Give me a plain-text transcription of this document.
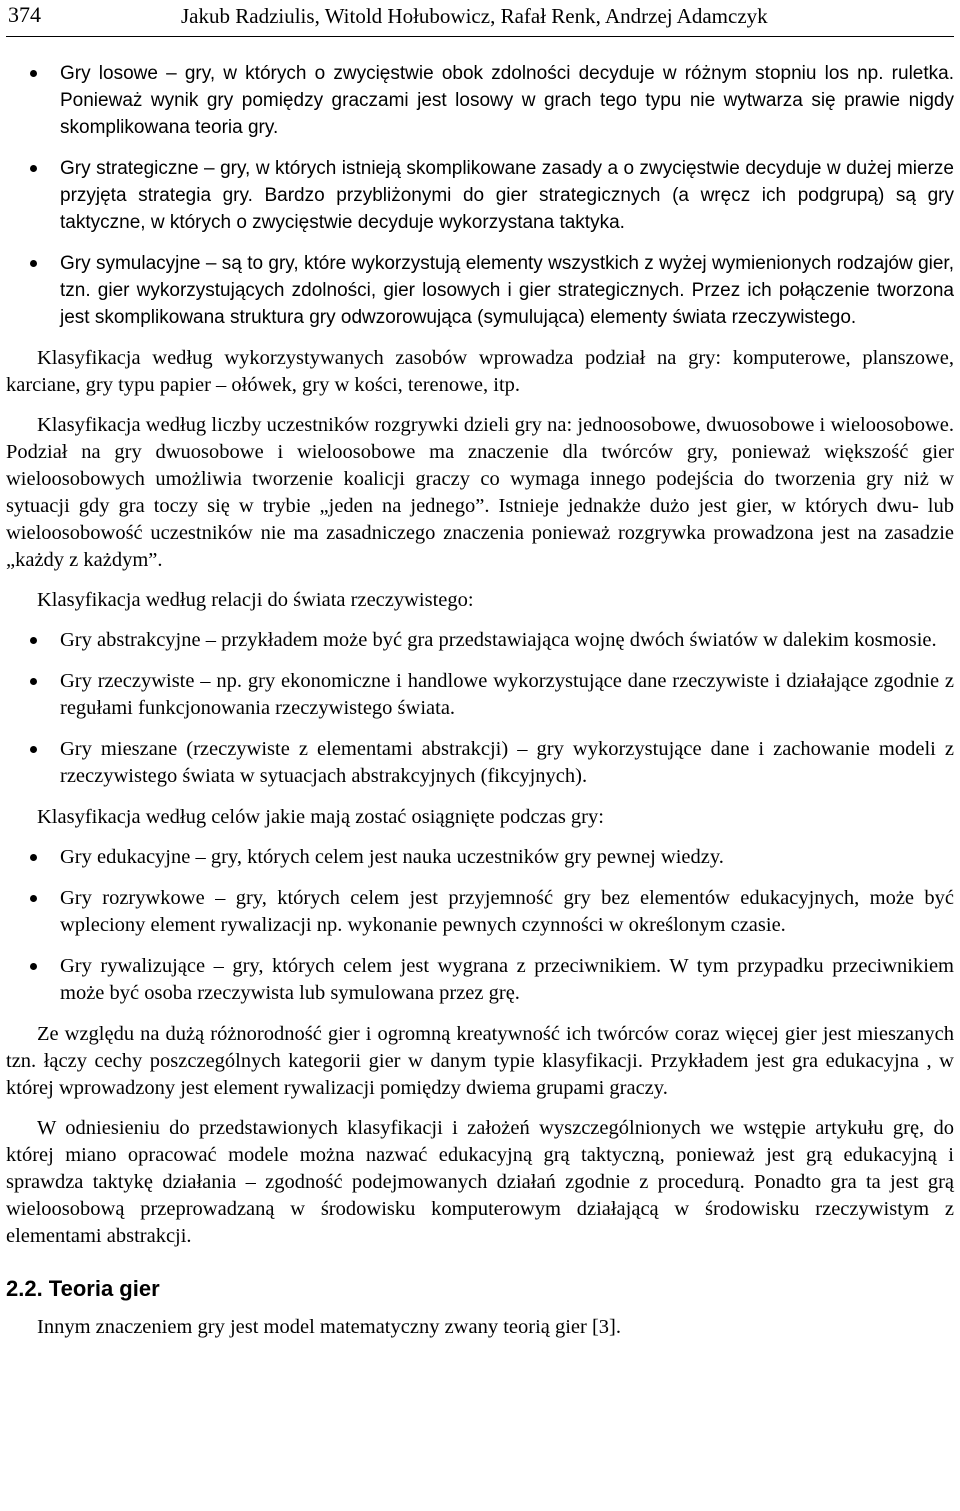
374	Jakub Radziulis, Witold Hołubowicz, Rafał Renk, Andrzej Adamczyk
Gry losowe – gry, w których o zwycięstwie obok zdolności decyduje w różnym stopniu los np. ruletka. Ponieważ wynik gry pomiędzy graczami jest losowy w grach tego typu nie wytwarza się prawie nigdy skomplikowana teoria gry.
Gry strategiczne – gry, w których istnieją skomplikowane zasady a o zwycięstwie decyduje w dużej mierze przyjęta strategia gry. Bardzo przybliżonymi do gier strategicznych (a wręcz ich podgrupą) są gry taktyczne, w których o zwycięstwie decyduje wykorzystana taktyka.
Gry symulacyjne – są to gry, które wykorzystują elementy wszystkich z wyżej wymienionych rodzajów gier, tzn. gier wykorzystujących zdolności, gier losowych i gier strategicznych. Przez ich połączenie tworzona jest skomplikowana struktura gry odwzorowująca (symulująca) elementy świata rzeczywistego.

Klasyfikacja według wykorzystywanych zasobów wprowadza podział na gry: komputerowe, planszowe, karciane, gry typu papier – ołówek, gry w kości, terenowe, itp.

Klasyfikacja według liczby uczestników rozgrywki dzieli gry na: jednoosobowe, dwuosobowe i wieloosobowe. Podział na gry dwuosobowe i wieloosobowe ma znaczenie dla twórców gry, ponieważ większość gier wieloosobowych umożliwia tworzenie koalicji graczy co wymaga innego podejścia do tworzenia gry niż w sytuacji gdy gra toczy się w trybie „jeden na jednego”. Istnieje jednakże dużo jest gier, w których dwu- lub wieloosobowość uczestników nie ma zasadniczego znaczenia ponieważ rozgrywka prowadzona jest na zasadzie „każdy z każdym”.

Klasyfikacja według relacji do świata rzeczywistego:

Gry abstrakcyjne – przykładem może być gra przedstawiająca wojnę dwóch światów w dalekim kosmosie.
Gry rzeczywiste – np. gry ekonomiczne i handlowe wykorzystujące dane rzeczywiste i działające zgodnie z regułami funkcjonowania rzeczywistego świata.
Gry mieszane (rzeczywiste z elementami abstrakcji) – gry wykorzystujące dane i zachowanie modeli z rzeczywistego świata w sytuacjach abstrakcyjnych (fikcyjnych).

Klasyfikacja według celów jakie mają zostać osiągnięte podczas gry:

Gry edukacyjne – gry, których celem jest nauka uczestników gry pewnej wiedzy.
Gry rozrywkowe – gry, których celem jest przyjemność gry bez elementów edukacyjnych, może być wpleciony element rywalizacji np. wykonanie pewnych czynności w określonym czasie.
Gry rywalizujące – gry, których celem jest wygrana z przeciwnikiem. W tym przypadku przeciwnikiem może być osoba rzeczywista lub symulowana przez grę.

Ze względu na dużą różnorodność gier i ogromną kreatywność ich twórców coraz więcej gier jest mieszanych tzn. łączy cechy poszczególnych kategorii gier w danym typie klasyfikacji. Przykładem jest gra edukacyjna , w której wprowadzony jest element rywalizacji pomiędzy dwiema grupami graczy.

W odniesieniu do przedstawionych klasyfikacji i założeń wyszczególnionych we wstępie artykułu grę, do której miano opracować modele można nazwać edukacyjną grą taktyczną, ponieważ jest grą edukacyjną i sprawdza taktykę działania – zgodność podejmowanych działań zgodnie z procedurą. Ponadto gra ta jest grą wieloosobową przeprowadzaną w środowisku komputerowym działającą w środowisku rzeczywistym z elementami abstrakcji.

2.2. Teoria gier

Innym znaczeniem gry jest model matematyczny zwany teorią gier [3].
